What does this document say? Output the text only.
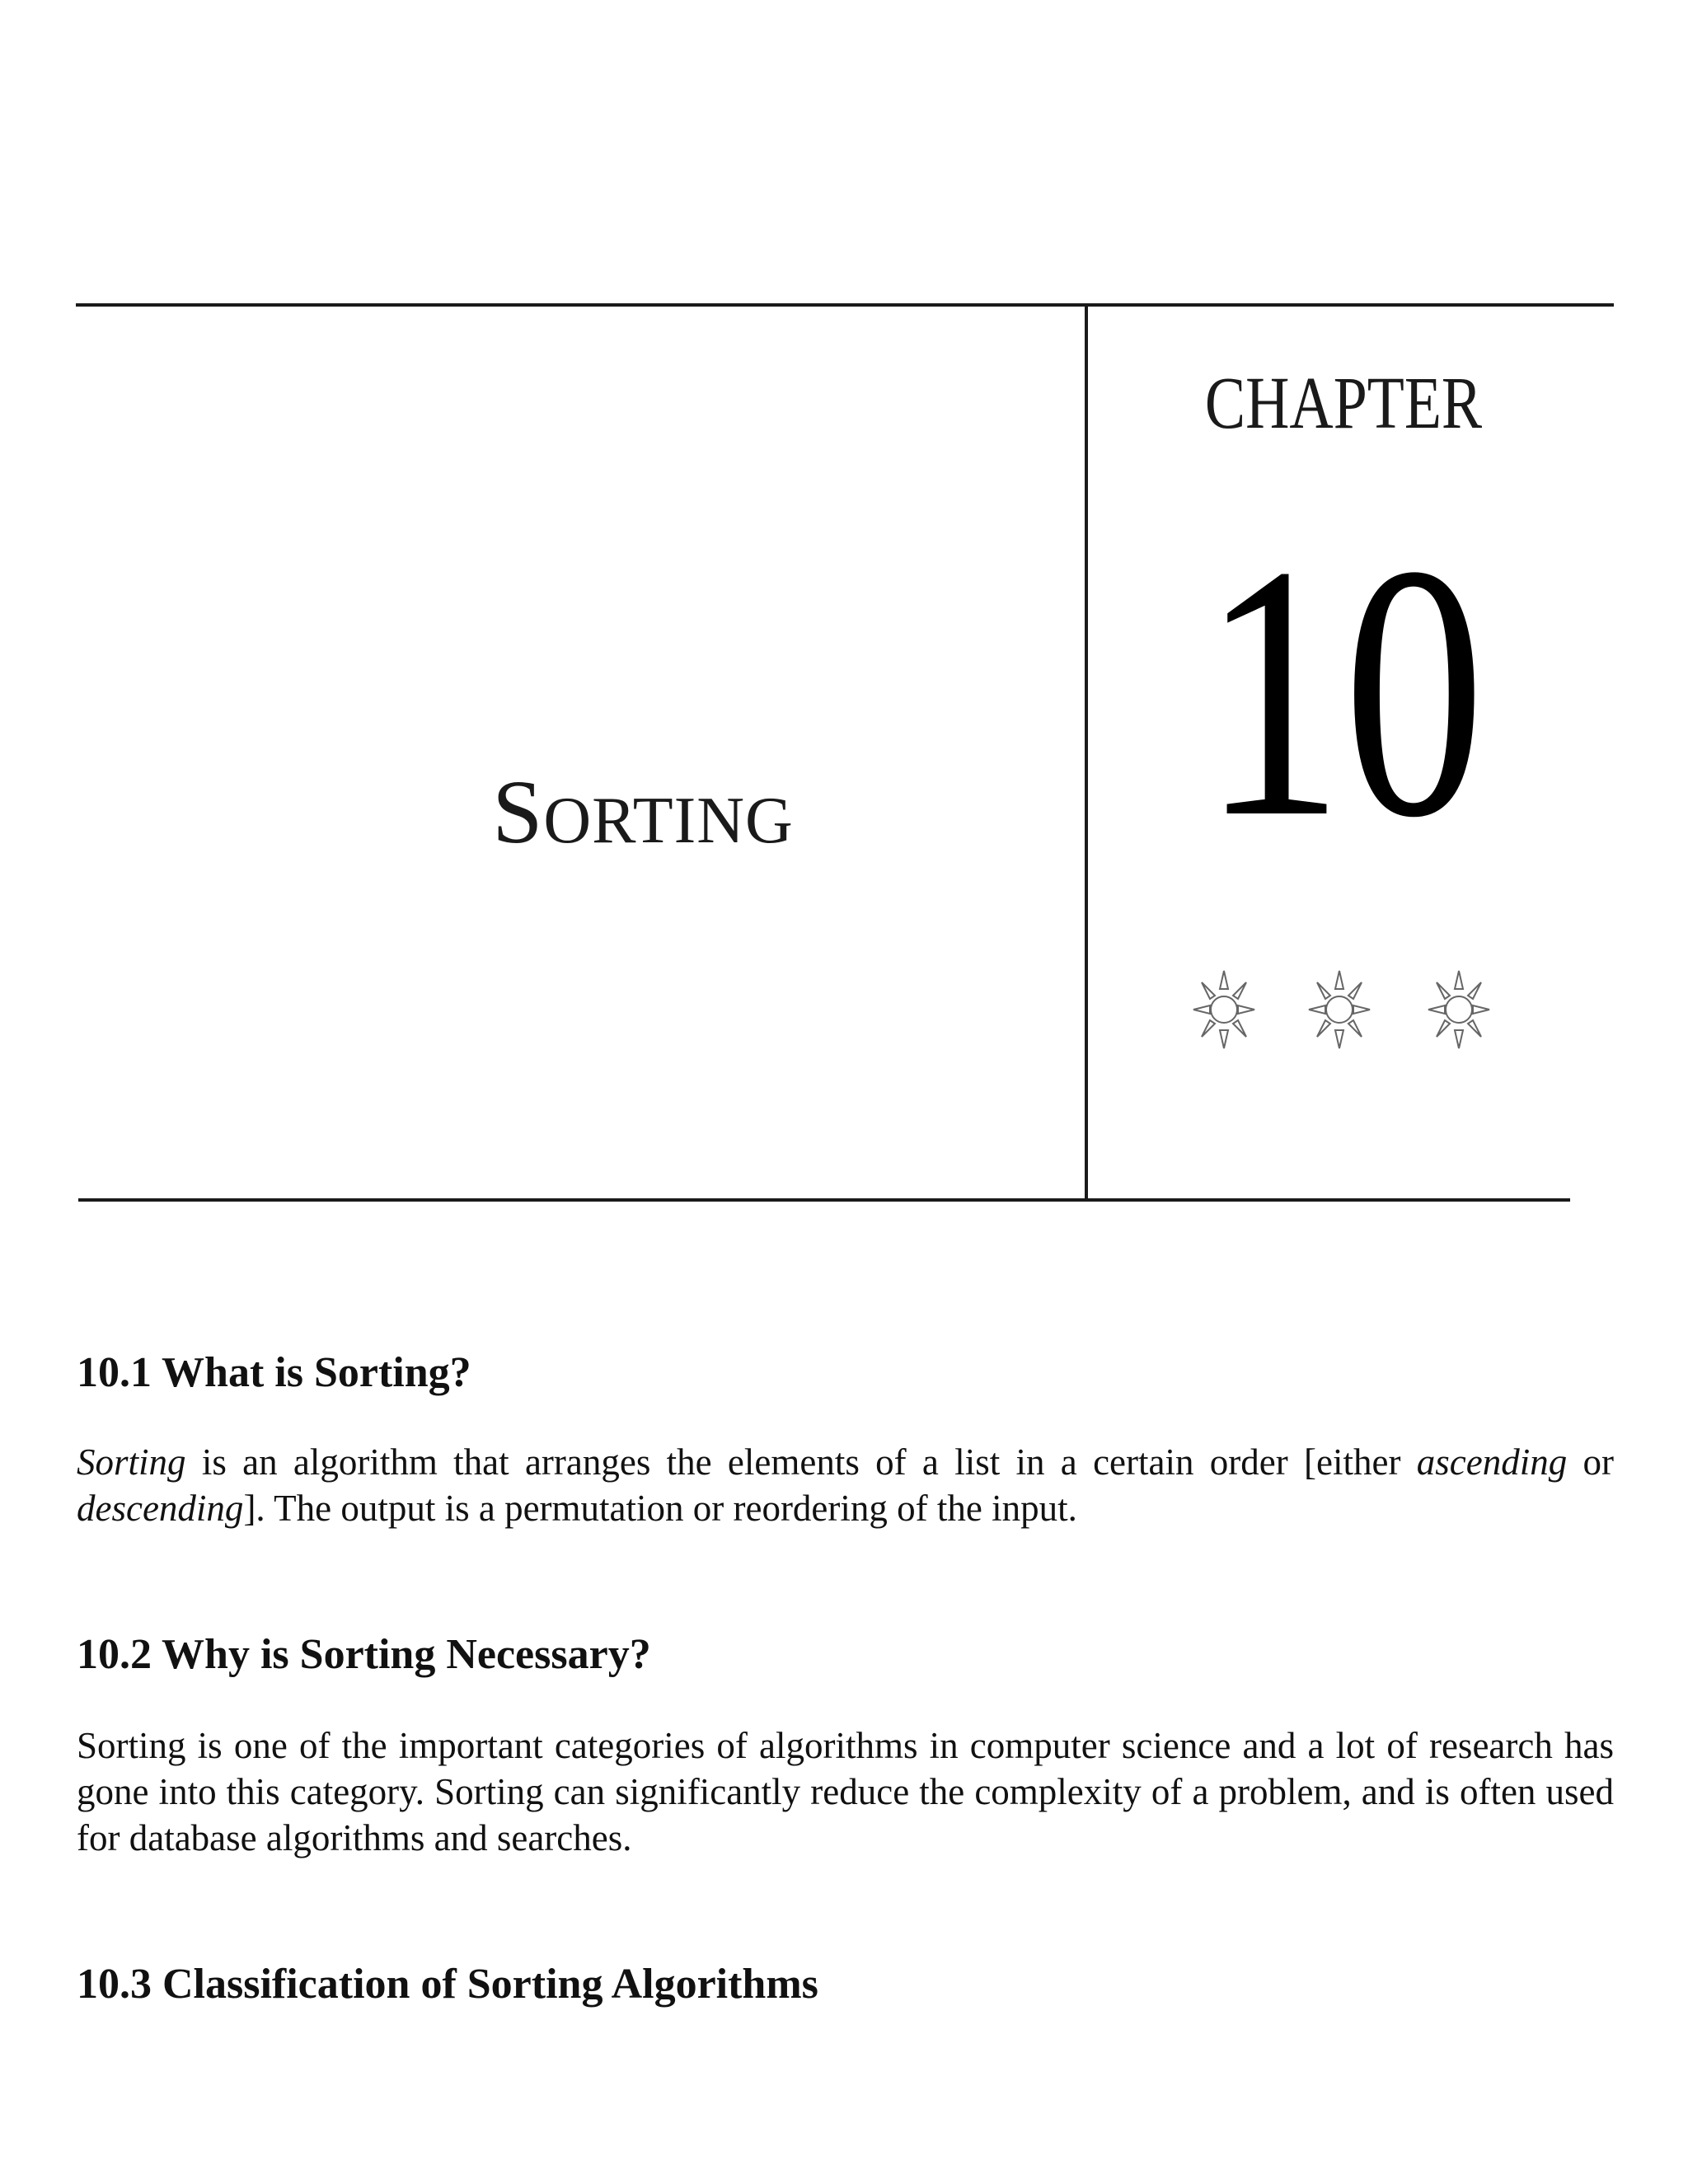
SORTING
CHAPTER
10
10.1 What is Sorting?

Sorting is an algorithm that arranges the elements of a list in a certain order [either ascending or descending]. The output is a permutation or reordering of the input.

10.2 Why is Sorting Necessary?

Sorting is one of the important categories of algorithms in computer science and a lot of research has gone into this category. Sorting can significantly reduce the complexity of a problem, and is often used for database algorithms and searches.

10.3 Classification of Sorting Algorithms
